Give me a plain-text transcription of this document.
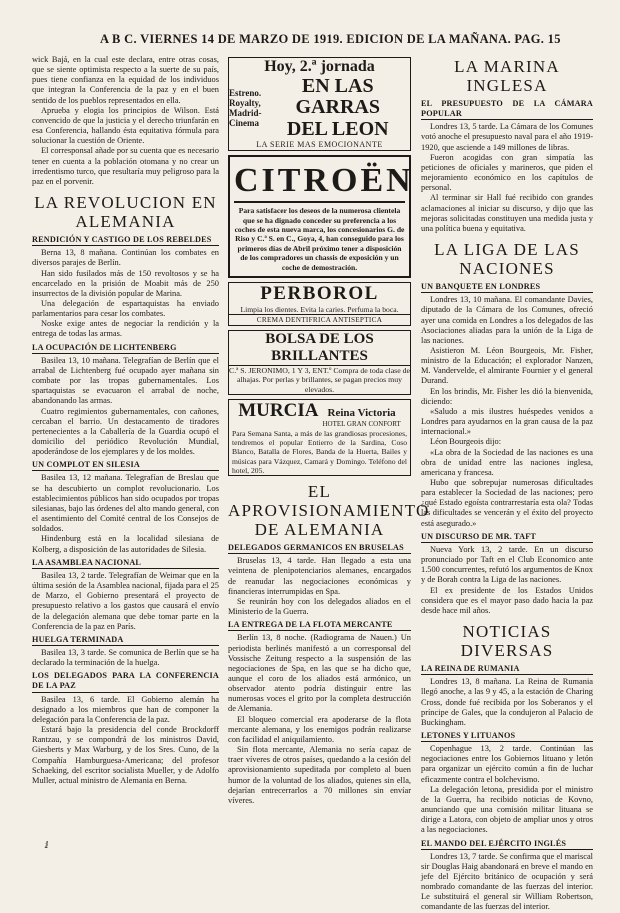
A B C. VIERNES 14 DE MARZO DE 1919. EDICION DE LA MAÑANA. PAG. 15

wick Bajá, en la cual este declara, entre otras cosas, que se siente optimista respecto a la suerte de su país, pues tiene confianza en la equidad de los individuos que integran la Conferencia de la paz y en el buen sentido de los pueblos representados en ella.

Aprueba y elogia los principios de Wilson. Está convencido de que la justicia y el derecho triunfarán en esa Conferencia, hallando ésta equitativa fórmula para solucionar la cuestión de Oriente.

El corresponsal añade por su cuenta que es necesario tener en cuenta a la población otomana y no crear un irredentismo turco, que resultaría muy peligroso para la paz en el porvenir.

LA REVOLUCION EN ALEMANIA
RENDICIÓN Y CASTIGO DE LOS REBELDES

Berna 13, 8 mañana. Continúan los combates en diversos parajes de Berlín.

Han sido fusilados más de 150 revoltosos y se ha encarcelado en la prisión de Moabit más de 250 insurrectos de la división popular de Marina.

Una delegación de espartaquistas ha enviado parlamentarios para cesar los combates.

Noske exige antes de negociar la rendición y la entrega de todas las armas.

LA OCUPACIÓN DE LICHTENBERG

Basilea 13, 10 mañana. Telegrafían de Berlín que el arrabal de Lichtenberg fué ocupado ayer mañana sin combate por las tropas gubernamentales. Los spartaquistas se evacuaron el arrabal de noche, abandonando las armas.

Cuatro regimientos gubernamentales, con cañones, cercaban el barrio. Un destacamento de tiradores pertenecientes a la Caballería de la Guardia ocupó el domicilio del periódico Revolución Mundial, apoderándose de los ejemplares y de los moldes.

UN COMPLOT EN SILESIA

Basilea 13, 12 mañana. Telegrafían de Breslau que se ha descubierto un complot revolucionario. Los establecimientos públicos han sido ocupados por tropas silesianas, bajo las órdenes del alto mando general, con el asentimiento del Comité central de los Consejos de soldados.

Hindenburg está en la localidad silesiana de Kolberg, a disposición de las autoridades de Silesia.

LA ASAMBLEA NACIONAL

Basilea 13, 2 tarde. Telegrafían de Weimar que en la última sesión de la Asamblea nacional, fijada para el 25 de Marzo, el Gobierno presentará el proyecto de presupuesto relativo a los gastos que causará el envío de la delegación alemana que debe tomar parte en la Conferencia de la paz en París.

HUELGA TERMINADA

Basilea 13, 3 tarde. Se comunica de Berlín que se ha declarado la terminación de la huelga.

LOS DELEGADOS PARA LA CONFERENCIA DE LA PAZ

Basilea 13, 6 tarde. El Gobierno alemán ha designado a los miembros que han de componer la delegación para la Conferencia de la paz.

Estará bajo la presidencia del conde Brockdorff Rantzau, y se compondrá de los ministros David, Giesberts y Max Warburg, y de los Sres. Cuno, de la Compañía Hamburguesa-Americana; del profesor Schaeking, del escritor socialista Mueller, y de Adolfo Muller, actual ministro de Alemania en Berna.

Hoy, 2.ª jornada
Estreno.
Royalty,
Madrid-
Cinema
EN LAS GARRAS
DEL LEON
LA SERIE MAS EMOCIONANTE
CITROËN
Para satisfacer los deseos de la numerosa clientela que se ha dignado conceder su preferencia a los coches de esta nueva marca, los concesionarios G. de Riso y C.ª S. en C., Goya, 4, han conseguido para los primeros días de Abril próximo tener a disposición de los compradores un chassis de exposición y un coche de demostración.
PERBOROL
Limpia los dientes. Evita la caries. Perfuma la boca.
CREMA DENTIFRICA ANTISEPTICA
BOLSA DE LOS BRILLANTES
C.ª S. JERONIMO, 1 Y 3, ENT.º Compra de toda clase de alhajas. Por perlas y brillantes, se pagan precios muy elevados.
MURCIA Reina Victoria
HOTEL GRAN CONFORT
Para Semana Santa, a más de las grandiosas procesiones, tendremos el popular Entierro de la Sardina, Coso Blanco, Batalla de Flores, Banda de la Huerta, Bailes y músicas para Vázquez, Camará y Domingo. Teléfono del hotel, 205.
EL APROVISIONAMIENTO DE ALEMANIA
DELEGADOS GERMANICOS EN BRUSELAS

Bruselas 13, 4 tarde. Han llegado a esta una veintena de plenipotenciarios alemanes, encargados de reanudar las negociaciones económicas y financieras interrumpidas en Spa.

Se reunirán hoy con los delegados aliados en el Ministerio de la Guerra.

LA ENTREGA DE LA FLOTA MERCANTE

Berlín 13, 8 noche. (Radiograma de Nauen.) Un periodista berlinés manifestó a un corresponsal del Vossische Zeitung respecto a la suspensión de las negociaciones de Spa, en las que se ha dicho que, aunque el coro de los aliados está armónico, un observador atento podría distinguir entre las numerosas voces el grito por la completa destrucción de Alemania.

El bloqueo comercial era apoderarse de la flota mercante alemana, y los enemigos podrán realizarse con facilidad el aniquilamiento.

Sin flota mercante, Alemania no sería capaz de traer víveres de otros países, quedando a la cesión del aprovisionamiento supeditada por completo al buen humor de la voluntad de los aliados, quienes sin ella, dejarían entrecerrarlos a 70 millones sin envíar víveres.

LA MARINA INGLESA
EL PRESUPUESTO DE LA CÁMARA POPULAR

Londres 13, 5 tarde. La Cámara de los Comunes votó anoche el presupuesto naval para el año 1919-1920, que asciende a 149 millones de libras.

Fueron acogidas con gran simpatía las peticiones de oficiales y marineros, que piden el mejoramiento económico en los capítulos de personal.

Al terminar sir Hall fué recibido con grandes aclamaciones al iniciar su discurso, y dijo que las mejoras solicitadas constituyen una medida justa y una política buena y equitativa.

LA LIGA DE LAS NACIONES
UN BANQUETE EN LONDRES

Londres 13, 10 mañana. El comandante Davies, diputado de la Cámara de los Comunes, ofreció ayer una comida en Londres a los delegados de las Asociaciones aliadas para la unión de la Liga de las naciones.

Asistieron M. Léon Bourgeois, Mr. Fisher, ministro de la Educación; el explorador Nanzen, M. Vandervelde, el almirante Fournier y el general Durand.

En los brindis, Mr. Fisher les dió la bienvenida, diciendo:

«Saludo a mis ilustres huéspedes venidos a Londres para ayudarnos en la gran causa de la paz internacional.»

Léon Bourgeois dijo:

«La obra de la Sociedad de las naciones es una obra de unidad entre las naciones inglesa, americana y francesa.

Hubo que sobrepujar numerosas dificultades para establecer la Sociedad de las naciones; pero ¿qué Estado egoísta contrarrestaría esta ola? Todas las dificultades se vencerán y el éxito del proyecto está asegurado.»

UN DISCURSO DE MR. TAFT

Nueva York 13, 2 tarde. En un discurso pronunciado por Taft en el Club Economico ante 1.500 concurrentes, refutó los argumentos de Knox y de Borah contra la Liga de las naciones.

El ex presidente de los Estados Unidos considera que es el mayor paso dado hacia la paz desde hace mil años.

NOTICIAS DIVERSAS
LA REINA DE RUMANIA

Londres 13, 8 mañana. La Reina de Rumania llegó anoche, a las 9 y 45, a la estación de Charing Cross, donde fué recibida por los Soberanos y el príncipe de Gales, que la condujeron al Palacio de Buckingham.

LETONES Y LITUANOS

Copenhague 13, 2 tarde. Continúan las negociaciones entre los Gobiernos lituano y letón para organizar un ejército común a fin de luchar eficazmente contra el bolchevismo.

La delegación letona, presidida por el ministro de la Guerra, ha recibido noticias de Kovno, anunciando que una comisión militar lituana se dirige a Latora, con objeto de ampliar unos y otros a las negociaciones.

EL MANDO DEL EJÉRCITO INGLÉS

Londres 13, 7 tarde. Se confirma que el mariscal sir Douglas Haig abandonará en breve el mando en jefe del Ejército británico de ocupación y será nombrado comandante de las fuerzas del interior. Le substituirá el general sir William Robertson, comandante de las fuerzas del interior.

ⅈ
